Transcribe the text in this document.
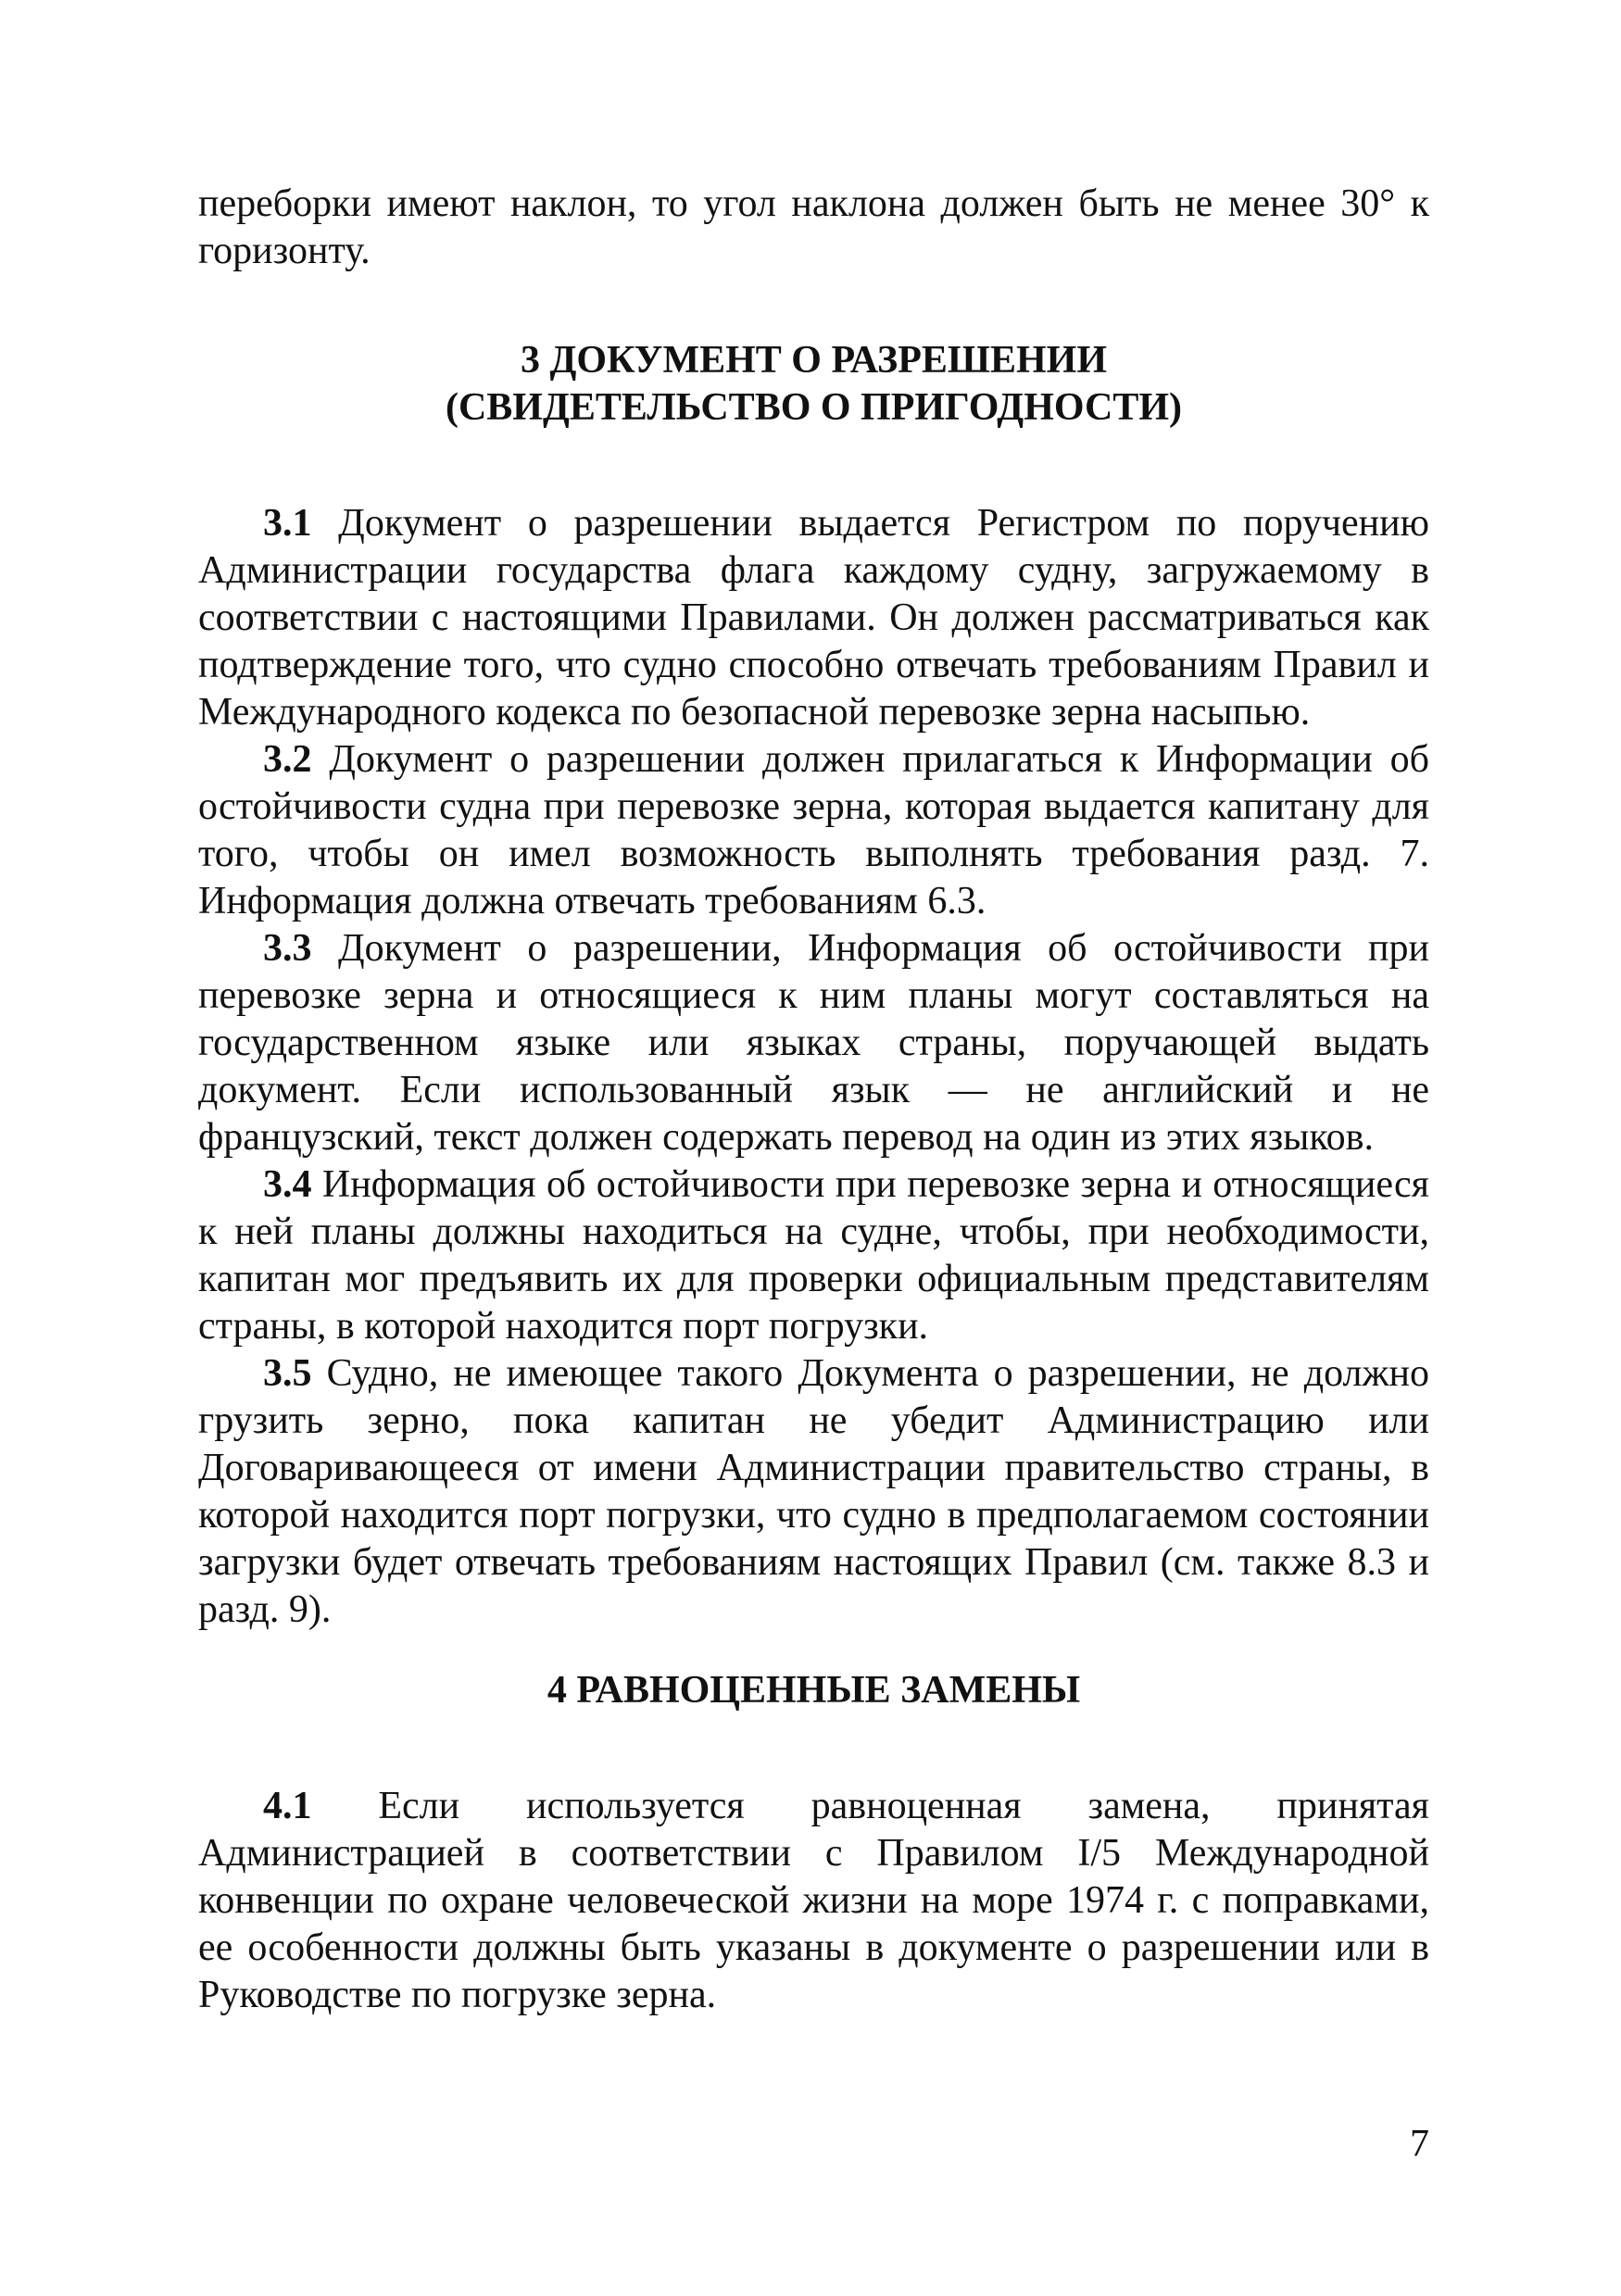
переборки имеют наклон, то угол наклона должен быть не менее 30° к горизонту.

3 ДОКУМЕНТ О РАЗРЕШЕНИИ
(СВИДЕТЕЛЬСТВО О ПРИГОДНОСТИ)

3.1 Документ о разрешении выдается Регистром по поручению Администрации государства флага каждому судну, загружаемому в соответствии с настоящими Правилами. Он должен рассматриваться как подтверждение того, что судно способно отвечать требованиям Правил и Международного кодекса по безопасной перевозке зерна насыпью.

3.2 Документ о разрешении должен прилагаться к Информации об остойчивости судна при перевозке зерна, которая выдается капитану для того, чтобы он имел возможность выполнять требования разд. 7. Информация должна отвечать требованиям 6.3.

3.3 Документ о разрешении, Информация об остойчивости при перевозке зерна и относящиеся к ним планы могут составляться на государственном языке или языках страны, поручающей выдать документ. Если использованный язык — не английский и не французский, текст должен содержать перевод на один из этих языков.

3.4 Информация об остойчивости при перевозке зерна и относящиеся к ней планы должны находиться на судне, чтобы, при необходимости, капитан мог предъявить их для проверки официальным представителям страны, в которой находится порт погрузки.

3.5 Судно, не имеющее такого Документа о разрешении, не должно грузить зерно, пока капитан не убедит Администрацию или Договаривающееся от имени Администрации правительство страны, в которой находится порт погрузки, что судно в предполагаемом состоянии загрузки будет отвечать требованиям настоящих Правил (см. также 8.3 и разд. 9).

4 РАВНОЦЕННЫЕ ЗАМЕНЫ

4.1 Если используется равноценная замена, принятая Администрацией в соответствии с Правилом I/5 Международной конвенции по охране человеческой жизни на море 1974 г. с поправками, ее особенности должны быть указаны в документе о разрешении или в Руководстве по погрузке зерна.

7
